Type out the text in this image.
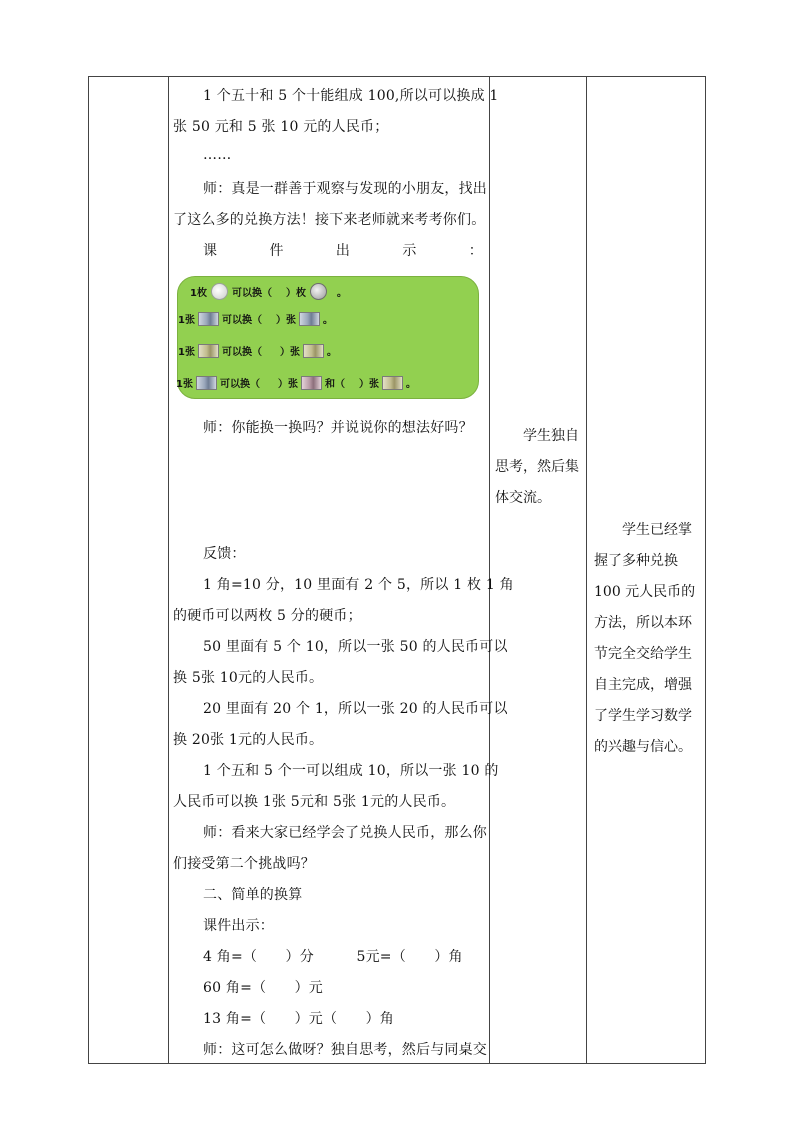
1 个五十和 5 个十能组成 100,所以可以换成 1
张 50 元和 5 张 10 元的人民币；
……
师：真是一群善于观察与发现的小朋友，找出
了这么多的兑换方法！接下来老师就来考考你们。
课	件	出	示	：
1枚	可以换（ ）枚	。
1张	可以换（ ）张	。
1张	可以换（ ）张	。
1张	可以换（ ）张	和（ ）张	。
师：你能换一换吗？并说说你的想法好吗？
反馈：
1 角=10 分，10 里面有 2 个 5，所以 1 枚 1 角
的硬币可以两枚 5 分的硬币；
50 里面有 5 个 10，所以一张 50 的人民币可以
换 5张 10元的人民币。
20 里面有 20 个 1，所以一张 20 的人民币可以
换 20张 1元的人民币。
1 个五和 5 个一可以组成 10，所以一张 10 的
人民币可以换 1张 5元和 5张 1元的人民币。
师：看来大家已经学会了兑换人民币，那么你
们接受第二个挑战吗？
二、简单的换算
课件出示：
4 角=（　　）分　　　5元=（　　）角
60 角=（　　）元
13 角=（　　）元（　　）角
师：这可怎么做呀？独自思考，然后与同桌交
学生独自
思考，然后集
体交流。
学生已经掌
握了多种兑换
100 元人民币的
方法，所以本环
节完全交给学生
自主完成，增强
了学生学习数学
的兴趣与信心。
